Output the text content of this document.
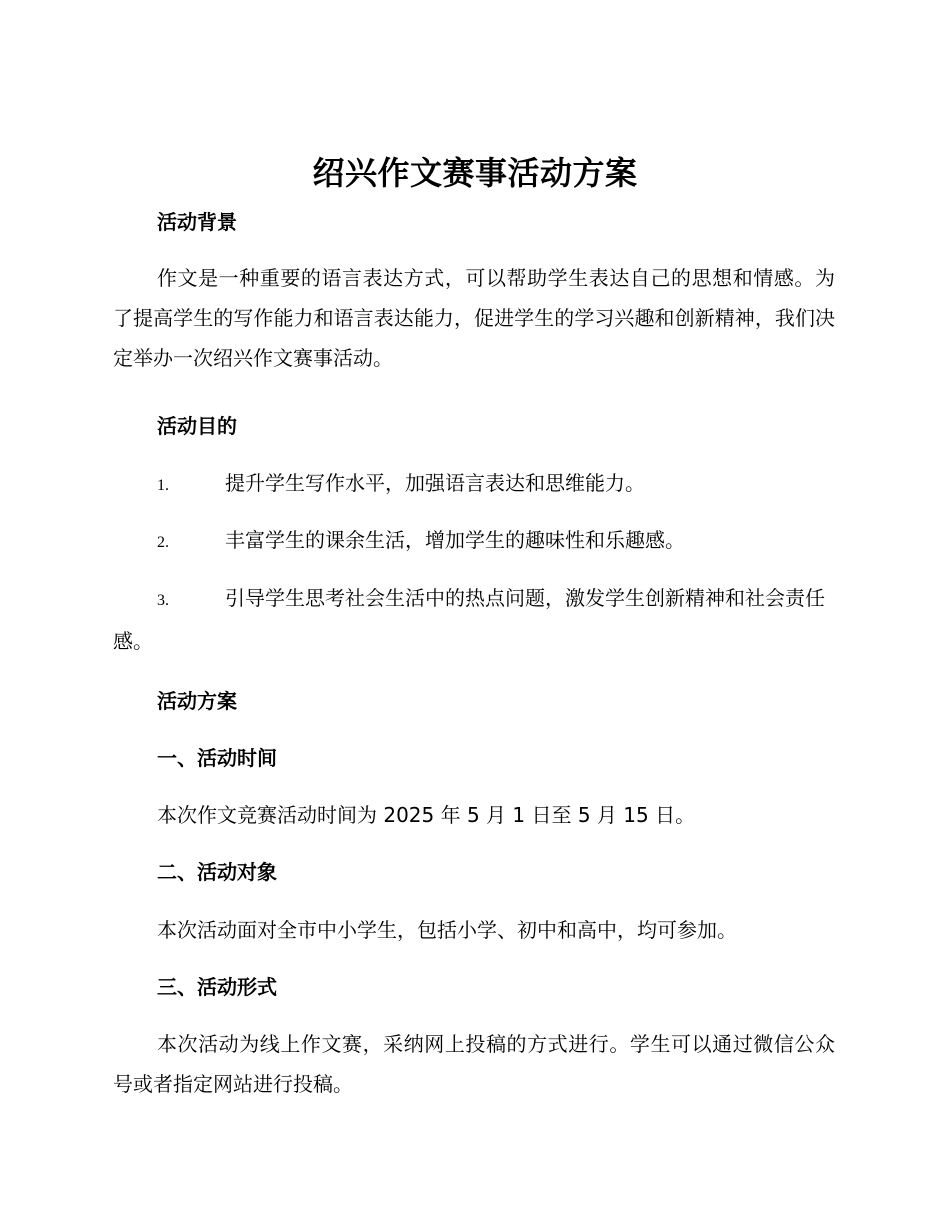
绍兴作文赛事活动方案
活动背景
作文是一种重要的语言表达方式，可以帮助学生表达自己的思想和情感。为了提高学生的写作能力和语言表达能力，促进学生的学习兴趣和创新精神，我们决定举办一次绍兴作文赛事活动。
活动目的
1.	提升学生写作水平，加强语言表达和思维能力。
2.	丰富学生的课余生活，增加学生的趣味性和乐趣感。
3.	引导学生思考社会生活中的热点问题，激发学生创新精神和社会责任感。
活动方案
一、活动时间
本次作文竞赛活动时间为 2025 年 5 月 1 日至 5 月 15 日。
二、活动对象
本次活动面对全市中小学生，包括小学、初中和高中，均可参加。
三、活动形式
本次活动为线上作文赛，采纳网上投稿的方式进行。学生可以通过微信公众号或者指定网站进行投稿。
